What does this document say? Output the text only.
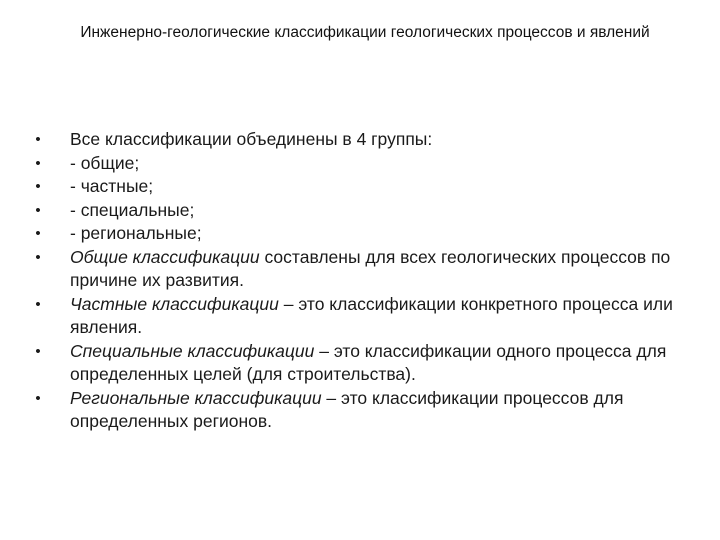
Инженерно-геологические классификации геологических процессов и явлений
•	Все классификации объединены в 4 группы:
•	- общие;
•	- частные;
•	- специальные;
•	- региональные;
•	Общие классификации составлены для всех геологических процессов по причине их развития.
•	Частные классификации – это классификации конкретного процесса или явления.
•	Специальные классификации – это классификации одного процесса для определенных целей (для строительства).
•	Региональные классификации – это классификации процессов для определенных регионов.
